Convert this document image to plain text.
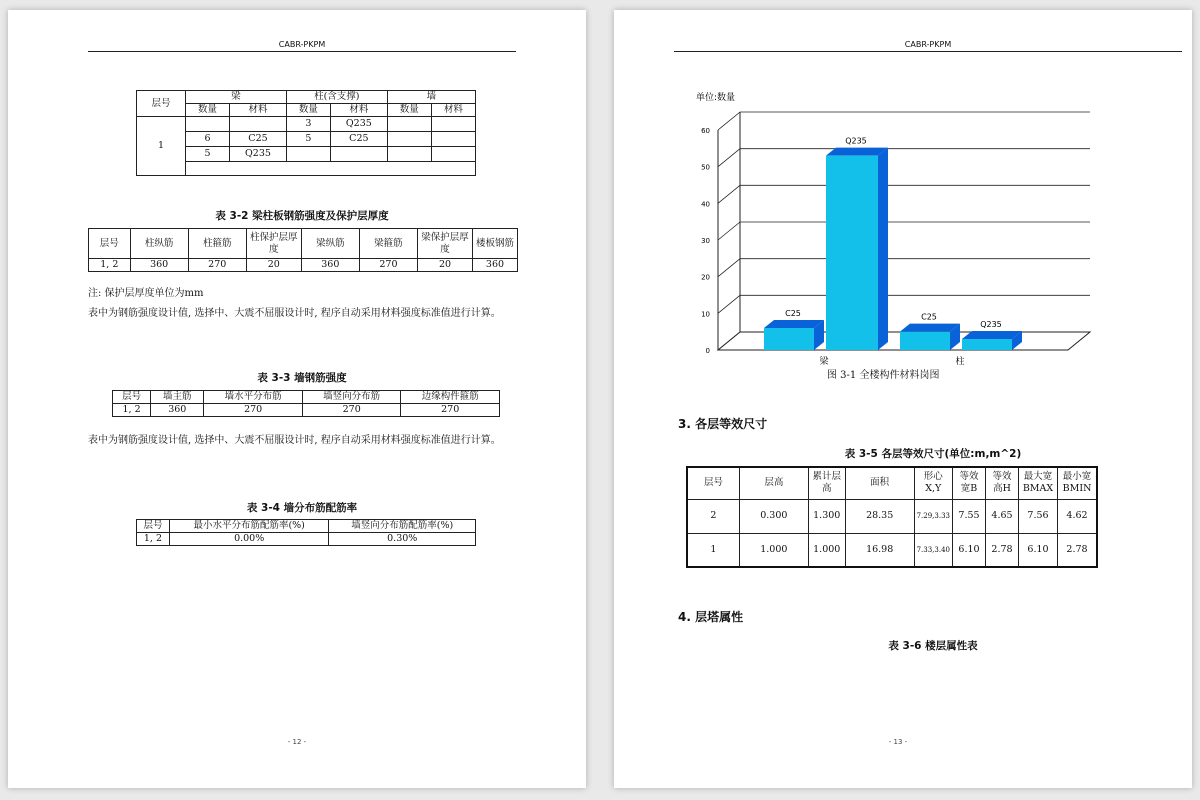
CABR-PKPM
层号	梁		柱(含支撑)		墙	
	数量	材料	数量	材料	数量	材料
1			3	Q235		
	6	C25	5	C25		
	5	Q235				

表 3-2 梁柱板钢筋强度及保护层厚度
层号	柱纵筋	柱箍筋	柱保护层厚度	梁纵筋	梁箍筋	梁保护层厚度	楼板钢筋
1, 2	360	270	20	360	270	20	360
注: 保护层厚度单位为mm
表中为钢筋强度设计值, 选择中、大震不屈服设计时, 程序自动采用材料强度标准值进行计算。
表 3-3 墙钢筋强度
层号	墙主筋	墙水平分布筋	墙竖向分布筋	边缘构件箍筋
1, 2	360	270	270	270
表中为钢筋强度设计值, 选择中、大震不屈服设计时, 程序自动采用材料强度标准值进行计算。
表 3-4 墙分布筋配筋率
层号	最小水平分布筋配筋率(%)	墙竖向分布筋配筋率(%)
1, 2	0.00%	0.30%
- 12 -
CABR-PKPM
单位:数量
0
10
20
30
40
50
60
C25
Q235
C25
Q235
梁	柱
图 3-1 全楼构件材料岗图
3. 各层等效尺寸
表 3-5 各层等效尺寸(单位:m,m^2)
层号	层高	累计层高	面积	形心X,Y	等效宽B	等效高H	最大宽BMAX	最小宽BMIN
2	0.300	1.300	28.35	7.29,3.33	7.55	4.65	7.56	4.62
1	1.000	1.000	16.98	7.33,3.40	6.10	2.78	6.10	2.78
4. 层塔属性
表 3-6 楼层属性表
- 13 -
